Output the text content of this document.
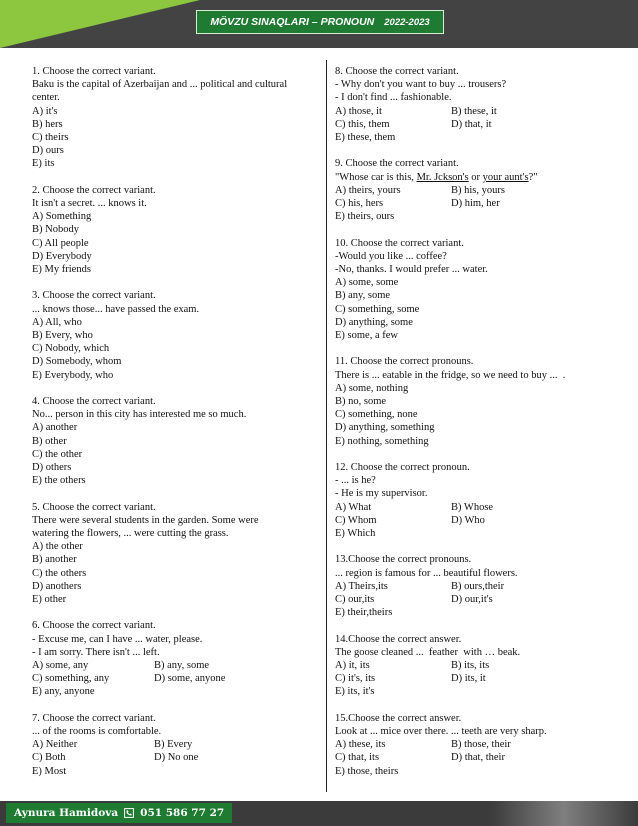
MÖVZU SINAQLARI – PRONOUN 2022-2023
1. Choose the correct variant.
Baku is the capital of Azerbaijan and ... political and cultural
center.
A) it's
B) hers
C) theirs
D) ours
E) its
2. Choose the correct variant.
It isn't a secret. ... knows it.
A) Something
B) Nobody
C) All people
D) Everybody
E) My friends
3. Choose the correct variant.
... knows those... have passed the exam.
A) All, who
B) Every, who
C) Nobody, which
D) Somebody, whom
E) Everybody, who
4. Choose the correct variant.
No... person in this city has interested me so much.
A) another
B) other
C) the other
D) others
E) the others
5. Choose the correct variant.
There were several students in the garden. Some were
watering the flowers, ... were cutting the grass.
A) the other
B) another
C) the others
D) anothers
E) other
6. Choose the correct variant.
- Excuse me, can I have ... water, please.
- I am sorry. There isn't ... left.
A) some, any	B) any, some
C) something, any	D) some, anyone
E) any, anyone
7. Choose the correct variant.
... of the rooms is comfortable.
A) Neither	B) Every
C) Both	D) No one
E) Most
8. Choose the correct variant.
- Why don't you want to buy ... trousers?
- I don't find ... fashionable.
A) those, it	B) these, it
C) this, them	D) that, it
E) these, them
9. Choose the correct variant.
"Whose car is this, Mr. Jckson's or your aunt's?"
A) theirs, yours	B) his, yours
C) his, hers	D) him, her
E) theirs, ours
10. Choose the correct variant.
-Would you like ... coffee?
-No, thanks. I would prefer ... water.
A) some, some
B) any, some
C) something, some
D) anything, some
E) some, a few
11. Choose the correct pronouns.
There is ... eatable in the fridge, so we need to buy ...  .
A) some, nothing
B) no, some
C) something, none
D) anything, something
E) nothing, something
12. Choose the correct pronoun.
- ... is he?
- He is my supervisor.
A) What	B) Whose
C) Whom	D) Who
E) Which
13.Choose the correct pronouns.
... region is famous for ... beautiful flowers.
A) Theirs,its	B) ours,their
C) our,its	D) our,it's
E) their,theirs
14.Choose the correct answer.
The goose cleaned ...  feather  with … beak.
A) it, its	B) its, its
C) it's, its	D) its, it
E) its, it's
15.Choose the correct answer.
Look at ... mice over there. ... teeth are very sharp.
A) these, its	B) those, their
C) that, its	D) that, their
E) those, theirs
Aynura Hamidova 051 586 77 27
